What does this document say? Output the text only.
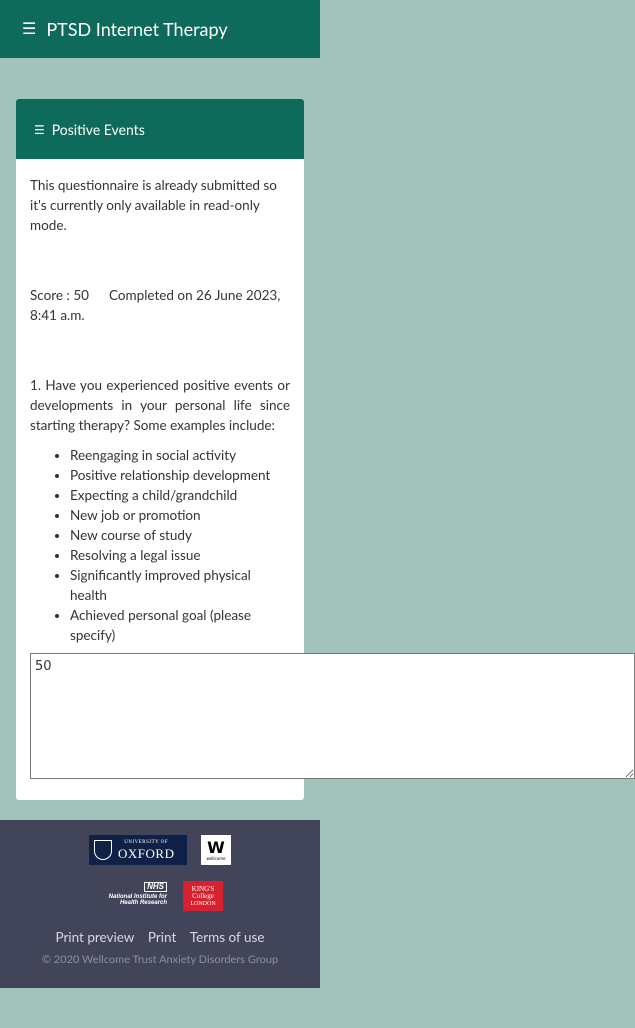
☰ PTSD Internet Therapy
☰ Positive Events

This questionnaire is already submitted so it's currently only available in read-only mode.

Score : 50 Completed on 26 June 2023, 8:41 a.m.

1. Have you experienced positive events or developments in your personal life since starting therapy? Some examples include:

• Reengaging in social activity
• Positive relationship development
• Expecting a child/grandchild
• New job or promotion
• New course of study
• Resolving a legal issue
• Significantly improved physical health
• Achieved personal goal (please specify)
50
UNIVERSITY OF
OXFORD W
wellcome
NHS
National Institute for
Health Research
KING'S
College
LONDON
Print preview Print Terms of use
© 2020 Wellcome Trust Anxiety Disorders Group
